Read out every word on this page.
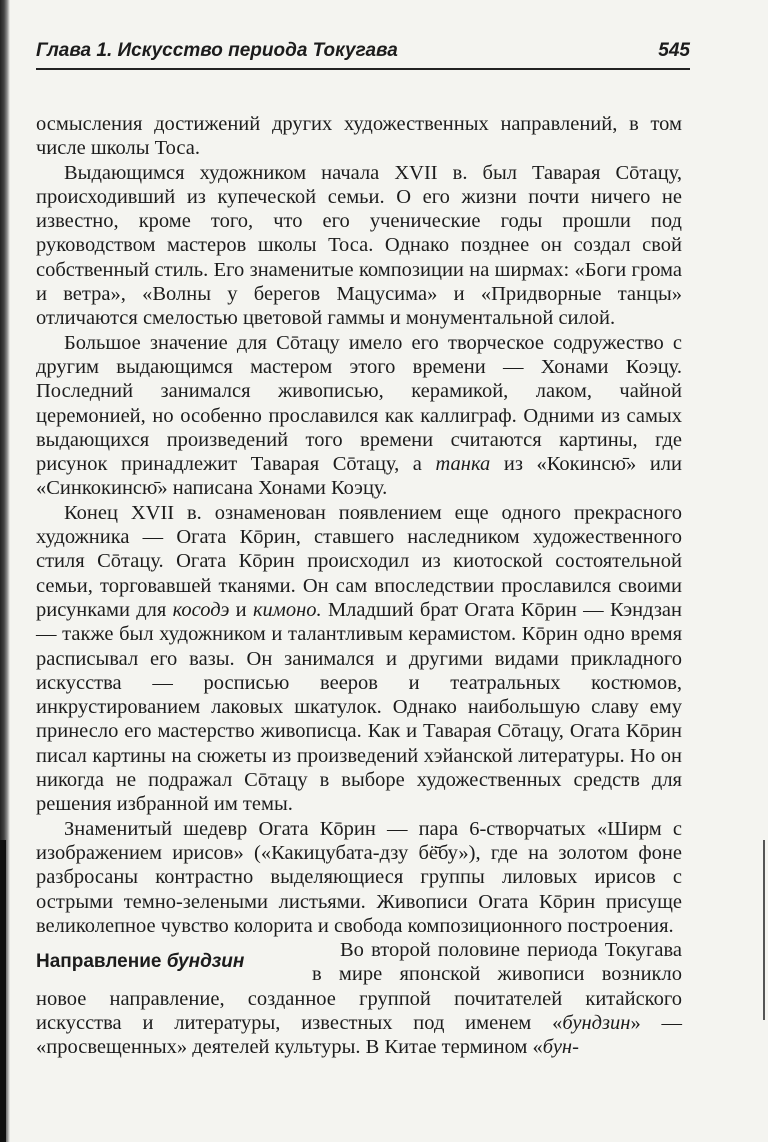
Глава 1. Искусство периода Токугава	545

осмысления достижений других художественных направлений, в том числе школы Тоса.

Выдающимся художником начала XVII в. был Таварая Сōтацу, происходивший из купеческой семьи. О его жизни почти ничего не известно, кроме того, что его ученические годы прошли под руководством мастеров школы Тоса. Однако позднее он создал свой собственный стиль. Его знаменитые композиции на ширмах: «Боги грома и ветра», «Волны у берегов Мацусима» и «Придворные танцы» отличаются смелостью цветовой гаммы и монументальной силой.

Большое значение для Сōтацу имело его творческое содружество с другим выдающимся мастером этого времени — Хонами Коэцу. Последний занимался живописью, керамикой, лаком, чайной церемонией, но особенно прославился как каллиграф. Одними из самых выдающихся произведений того времени считаются картины, где рисунок принадлежит Таварая Сōтацу, а танка из «Кокинсю̄» или «Синкокинсю̄» написана Хонами Коэцу.

Конец XVII в. ознаменован появлением еще одного прекрасного художника — Огата Кōрин, ставшего наследником художественного стиля Сōтацу. Огата Кōрин происходил из киотоской состоятельной семьи, торговавшей тканями. Он сам впоследствии прославился своими рисунками для косодэ и кимоно. Младший брат Огата Кōрин — Кэндзан — также был художником и талантливым керамистом. Кōрин одно время расписывал его вазы. Он занимался и другими видами прикладного искусства — росписью вееров и театральных костюмов, инкрустированием лаковых шкатулок. Однако наибольшую славу ему принесло его мастерство живописца. Как и Таварая Сōтацу, Огата Кōрин писал картины на сюжеты из произведений хэйанской литературы. Но он никогда не подражал Сōтацу в выборе художественных средств для решения избранной им темы.

Знаменитый шедевр Огата Кōрин — пара 6-створчатых «Ширм с изображением ирисов» («Какицубата-дзу бё̄бу»), где на золотом фоне разбросаны контрастно выделяющиеся группы лиловых ирисов с острыми темно-зелеными листьями. Живописи Огата Кōрин присуще великолепное чувство колорита и свобода композиционного построения.

Направление бундзин

Во второй половине периода Токугава в мире японской живописи возникло новое направление, созданное группой почитателей китайского искусства и литературы, известных под именем «бундзин» — «просвещенных» деятелей культуры. В Китае термином «бун-
